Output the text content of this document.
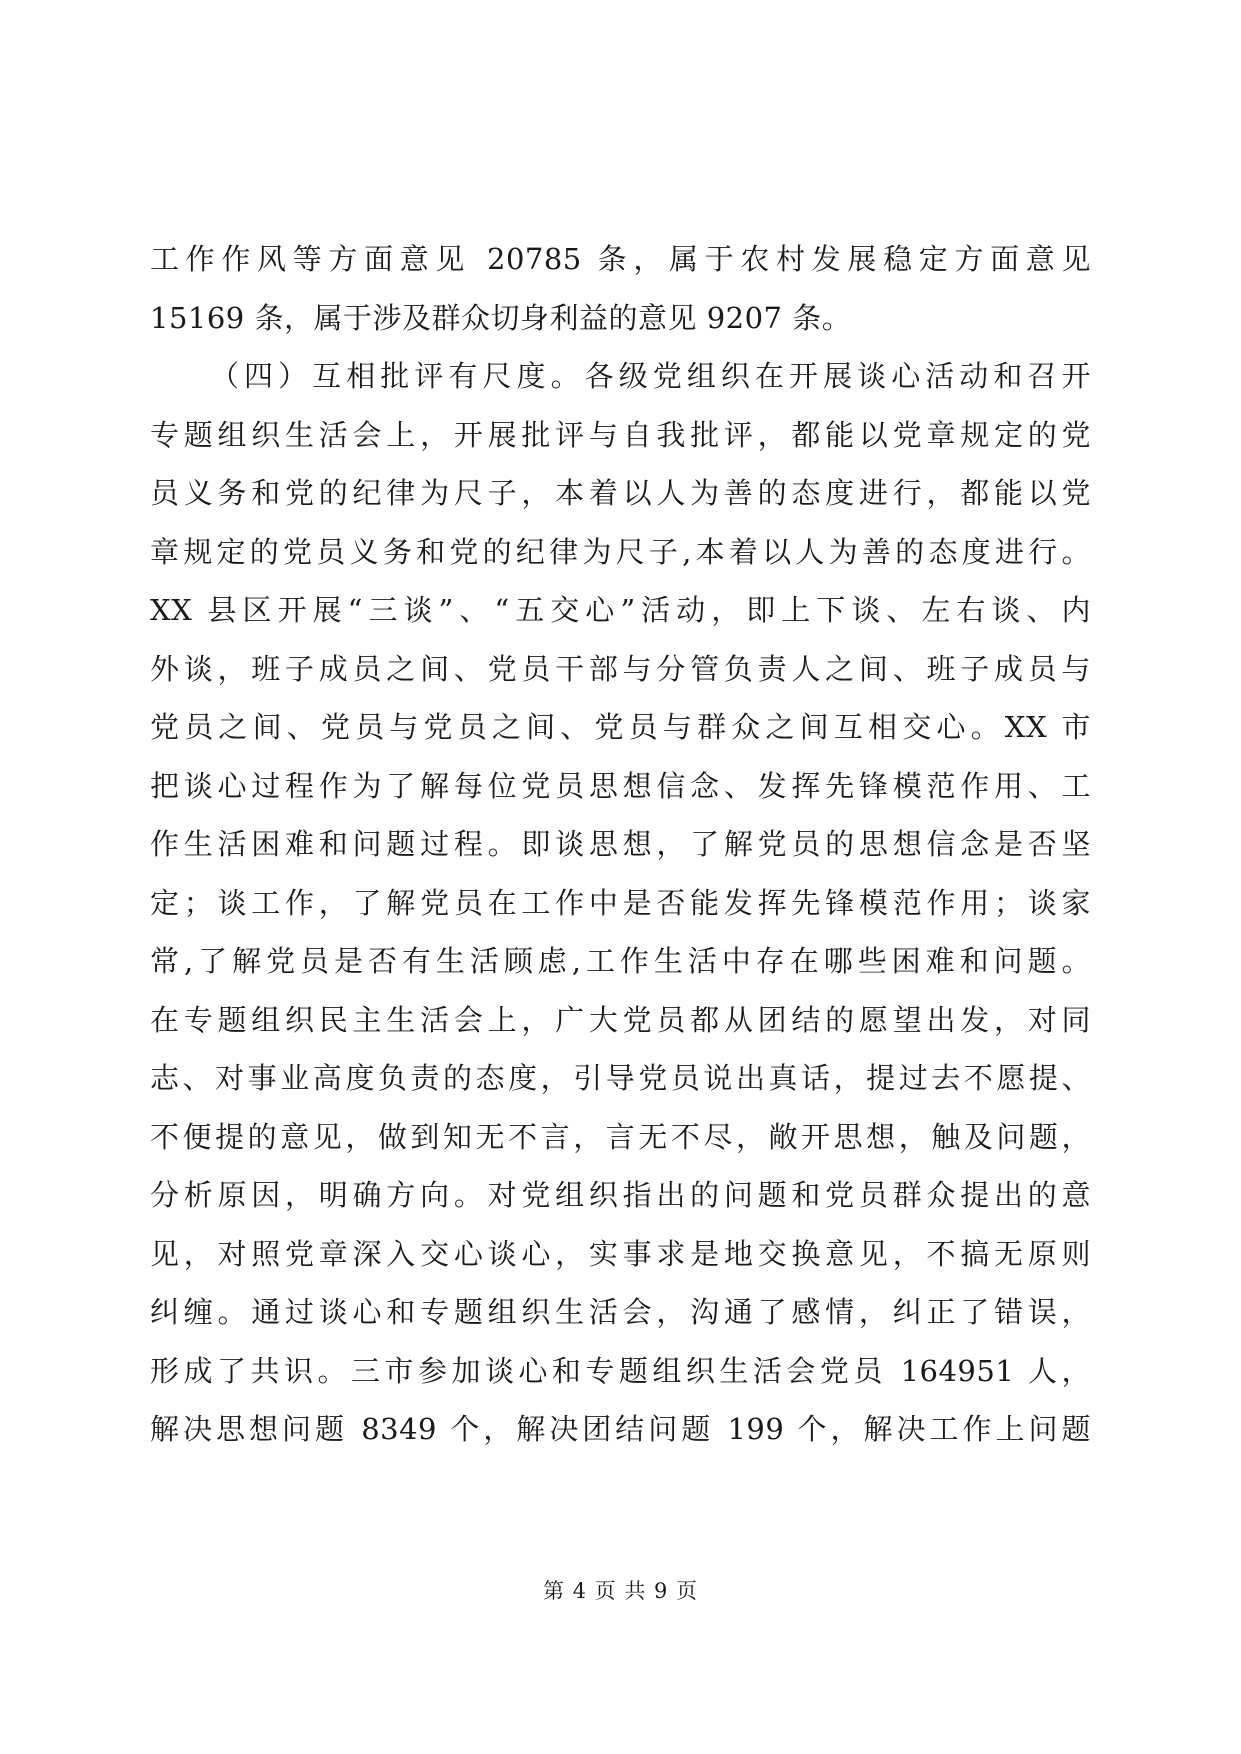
工作作风等方面意见 20785 条，属于农村发展稳定方面意见
15169 条，属于涉及群众切身利益的意见 9207 条。
（四）互相批评有尺度。各级党组织在开展谈心活动和召开
专题组织生活会上，开展批评与自我批评，都能以党章规定的党
员义务和党的纪律为尺子，本着以人为善的态度进行，都能以党
章规定的党员义务和党的纪律为尺子,本着以人为善的态度进行。
XX 县区开展“三谈”、“五交心”活动，即上下谈、左右谈、内
外谈，班子成员之间、党员干部与分管负责人之间、班子成员与
党员之间、党员与党员之间、党员与群众之间互相交心。XX 市
把谈心过程作为了解每位党员思想信念、发挥先锋模范作用、工
作生活困难和问题过程。即谈思想，了解党员的思想信念是否坚
定；谈工作，了解党员在工作中是否能发挥先锋模范作用；谈家
常,了解党员是否有生活顾虑,工作生活中存在哪些困难和问题。
在专题组织民主生活会上，广大党员都从团结的愿望出发，对同
志、对事业高度负责的态度，引导党员说出真话，提过去不愿提、
不便提的意见，做到知无不言，言无不尽，敞开思想，触及问题，
分析原因，明确方向。对党组织指出的问题和党员群众提出的意
见，对照党章深入交心谈心，实事求是地交换意见，不搞无原则
纠缠。通过谈心和专题组织生活会，沟通了感情，纠正了错误，
形成了共识。三市参加谈心和专题组织生活会党员 164951 人，
解决思想问题 8349 个，解决团结问题 199 个，解决工作上问题
第 4 页 共 9 页
